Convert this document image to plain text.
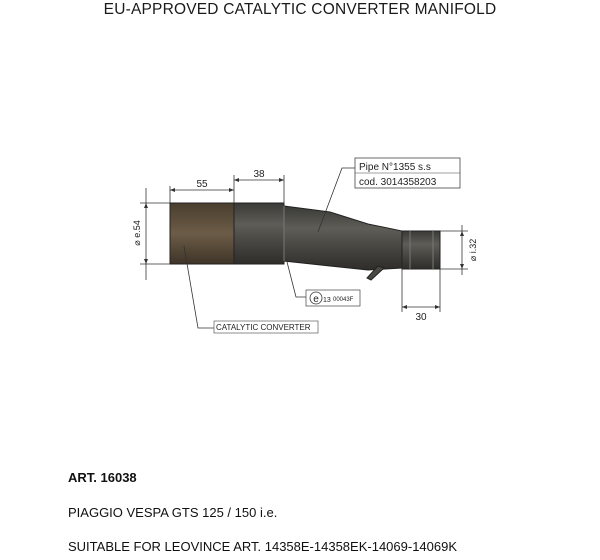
EU-APPROVED CATALYTIC CONVERTER MANIFOLD
55
38
⌀ e.54
⌀ i.32
30
Pipe N°1355 s.s
cod. 3014358203
CATALYTIC CONVERTER
e 13 00043F
ART. 16038
PIAGGIO VESPA GTS 125 / 150 i.e.
SUITABLE FOR LEOVINCE ART. 14358E-14358EK-14069-14069K
